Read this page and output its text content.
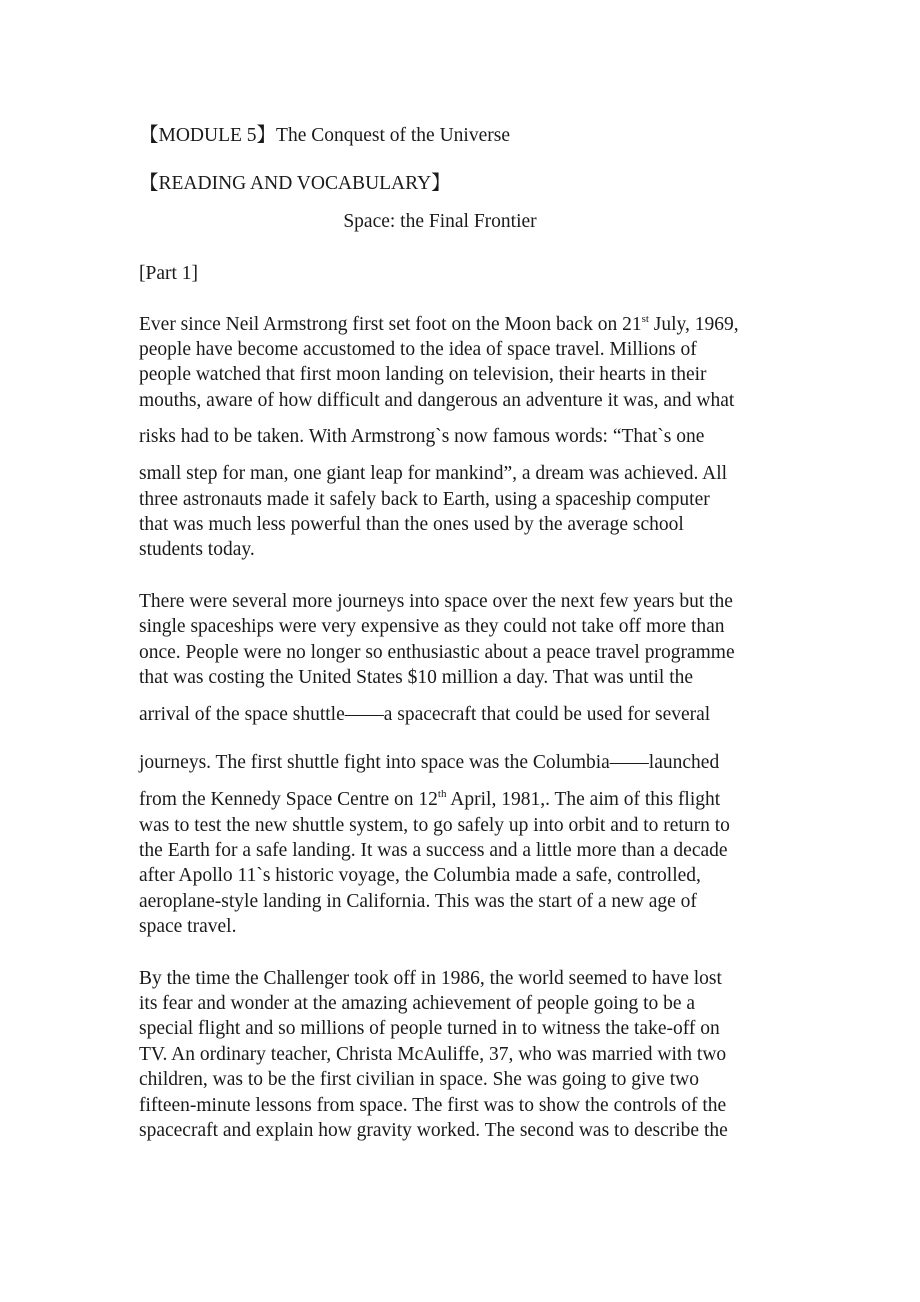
【MODULE 5】The Conquest of the Universe

【READING AND VOCABULARY】

Space: the Final Frontier

[Part 1]

Ever since Neil Armstrong first set foot on the Moon back on 21st July, 1969,

people have become accustomed to the idea of space travel. Millions of

people watched that first moon landing on television, their hearts in their

mouths, aware of how difficult and dangerous an adventure it was, and what

risks had to be taken. With Armstrong`s now famous words: “That`s one

small step for man, one giant leap for mankind”, a dream was achieved. All

three astronauts made it safely back to Earth, using a spaceship computer

that was much less powerful than the ones used by the average school

students today.

There were several more journeys into space over the next few years but the

single spaceships were very expensive as they could not take off more than

once. People were no longer so enthusiastic about a peace travel programme

that was costing the United States $10 million a day. That was until the

arrival of the space shuttle——a spacecraft that could be used for several

journeys. The first shuttle fight into space was the Columbia——launched

from the Kennedy Space Centre on 12th April, 1981,. The aim of this flight

was to test the new shuttle system, to go safely up into orbit and to return to

the Earth for a safe landing. It was a success and a little more than a decade

after Apollo 11`s historic voyage, the Columbia made a safe, controlled,

aeroplane-style landing in California. This was the start of a new age of

space travel.

By the time the Challenger took off in 1986, the world seemed to have lost

its fear and wonder at the amazing achievement of people going to be a

special flight and so millions of people turned in to witness the take-off on

TV. An ordinary teacher, Christa McAuliffe, 37, who was married with two

children, was to be the first civilian in space. She was going to give two

fifteen-minute lessons from space. The first was to show the controls of the

spacecraft and explain how gravity worked. The second was to describe the
